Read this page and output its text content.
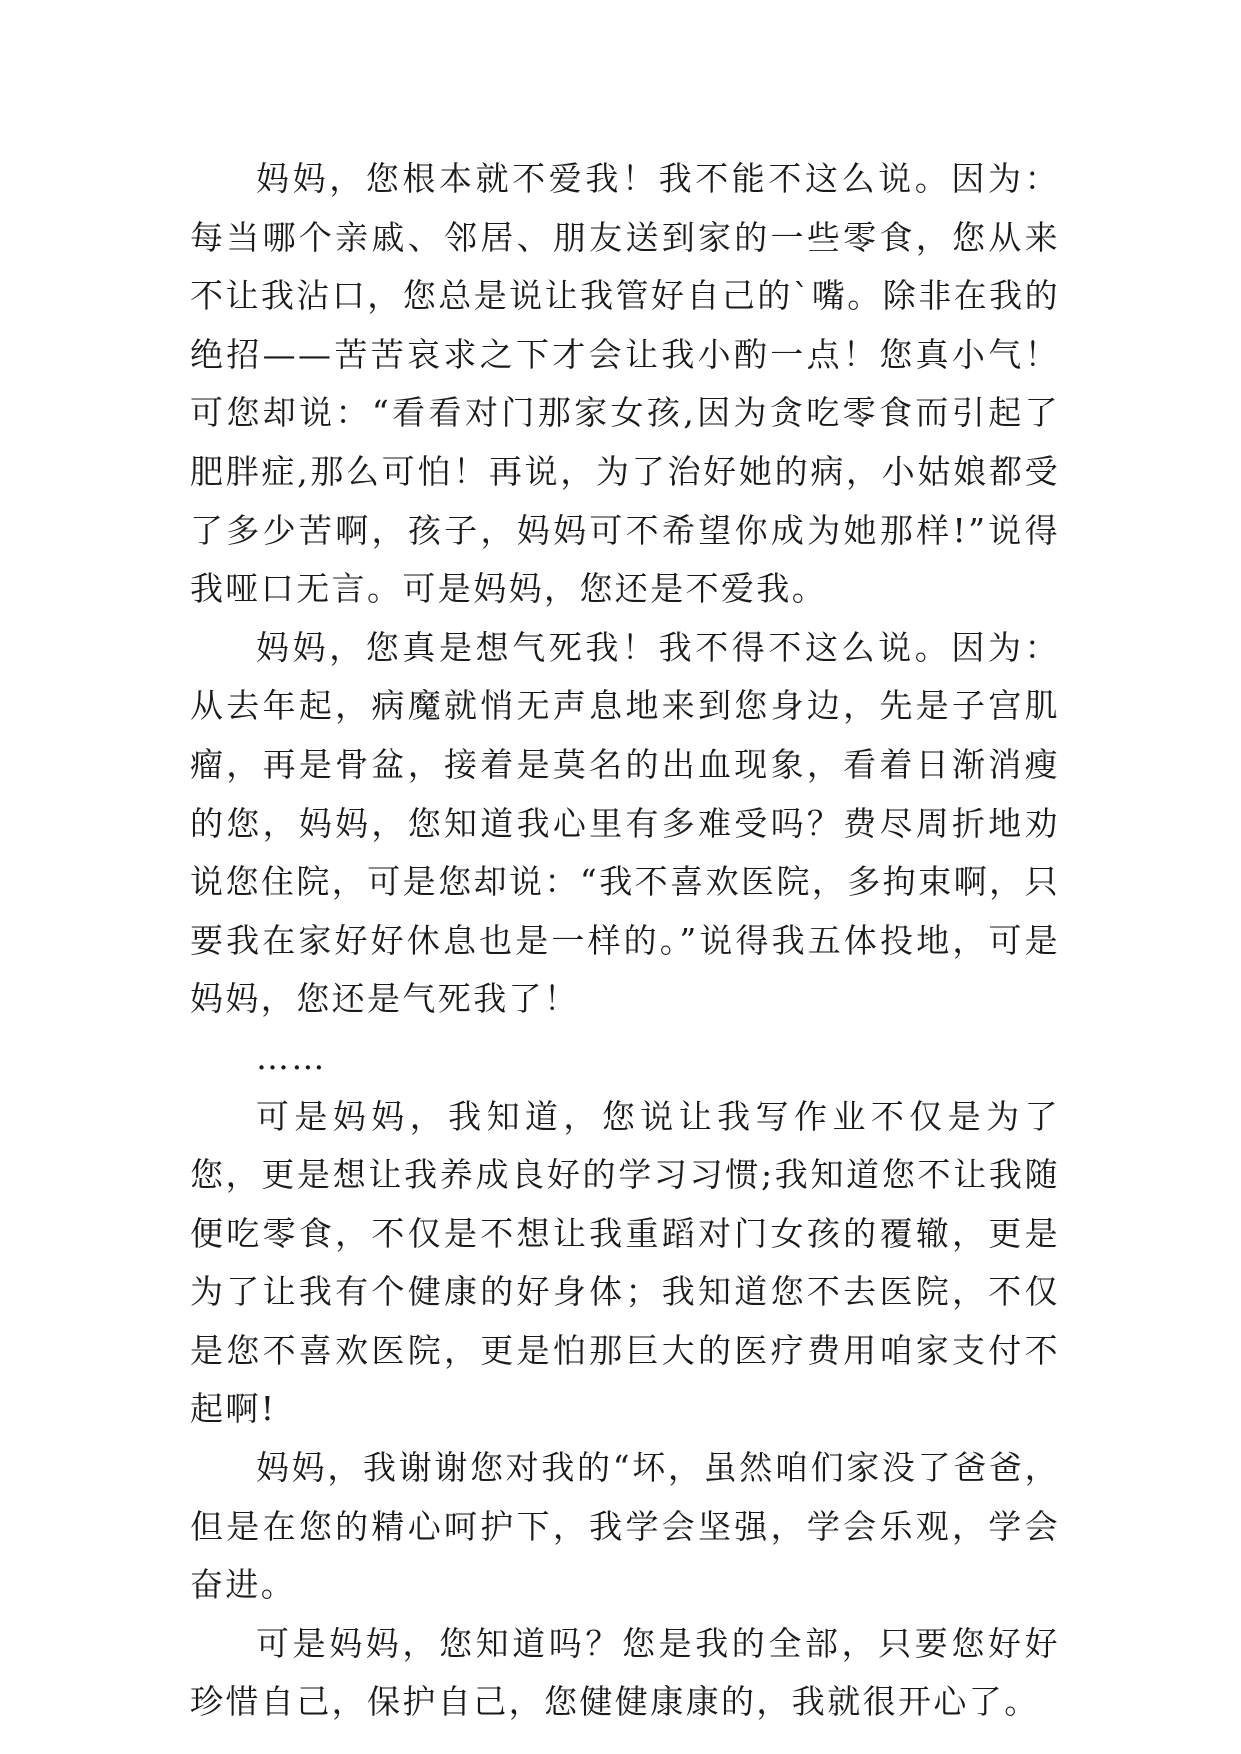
妈妈，您根本就不爱我！我不能不这么说。因为：每当哪个亲戚、邻居、朋友送到家的一些零食，您从来不让我沾口，您总是说让我管好自己的`嘴。除非在我的绝招——苦苦哀求之下才会让我小酌一点！您真小气！可您却说：“看看对门那家女孩,因为贪吃零食而引起了肥胖症,那么可怕！再说，为了治好她的病，小姑娘都受了多少苦啊，孩子，妈妈可不希望你成为她那样!”说得我哑口无言。可是妈妈，您还是不爱我。

妈妈，您真是想气死我！我不得不这么说。因为：从去年起，病魔就悄无声息地来到您身边，先是子宫肌瘤，再是骨盆，接着是莫名的出血现象，看着日渐消瘦的您，妈妈，您知道我心里有多难受吗？费尽周折地劝说您住院，可是您却说：“我不喜欢医院，多拘束啊，只要我在家好好休息也是一样的。”说得我五体投地，可是妈妈，您还是气死我了！

……

可是妈妈，我知道，您说让我写作业不仅是为了您，更是想让我养成良好的学习习惯;我知道您不让我随便吃零食，不仅是不想让我重蹈对门女孩的覆辙，更是为了让我有个健康的好身体；我知道您不去医院，不仅是您不喜欢医院，更是怕那巨大的医疗费用咱家支付不起啊!

妈妈，我谢谢您对我的“坏，虽然咱们家没了爸爸，但是在您的精心呵护下，我学会坚强，学会乐观，学会奋进。

可是妈妈，您知道吗？您是我的全部，只要您好好珍惜自己，保护自己，您健健康康的，我就很开心了。
